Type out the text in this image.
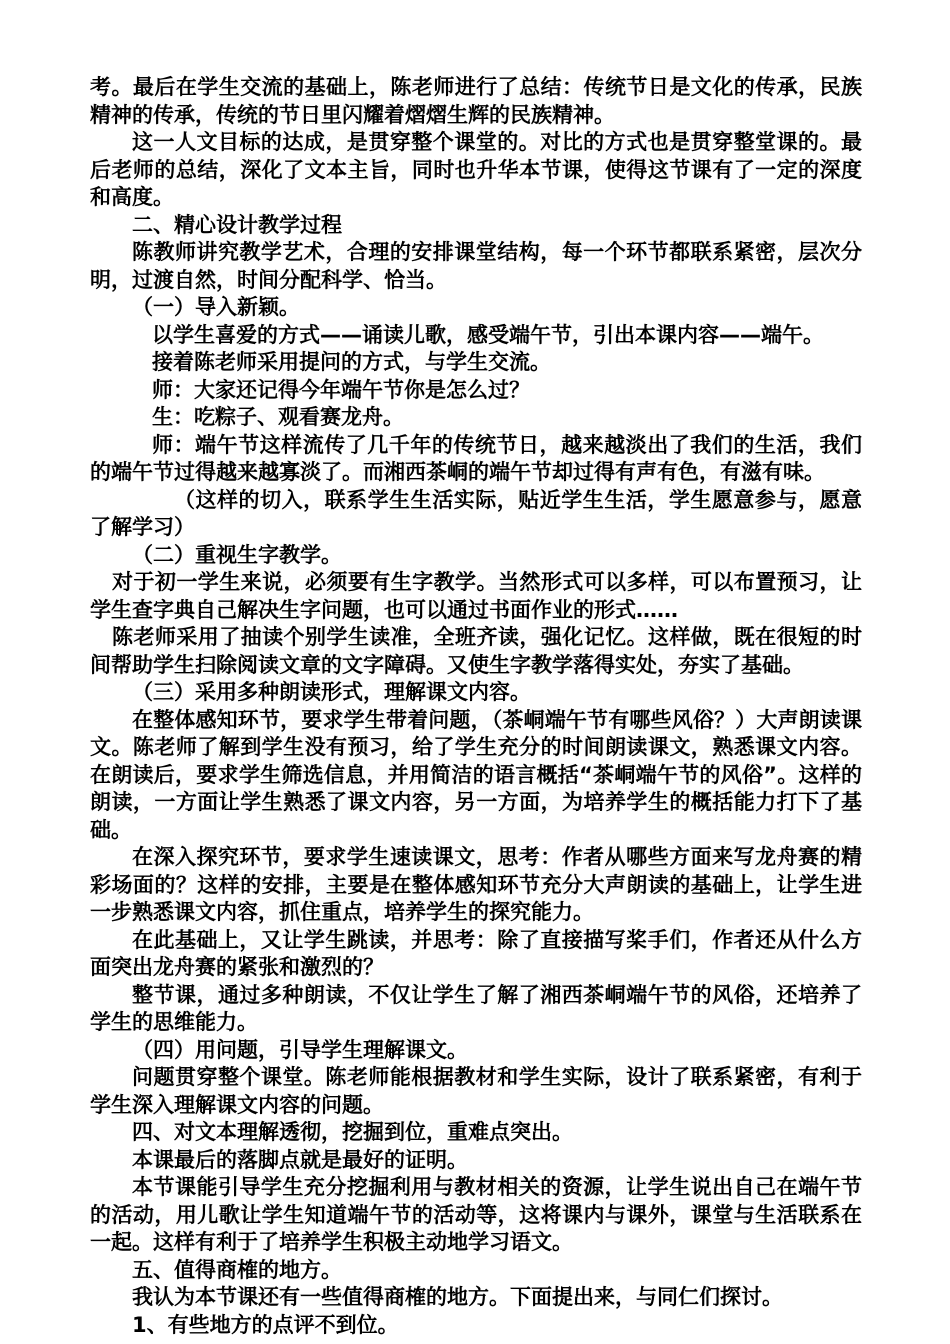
考。最后在学生交流的基础上，陈老师进行了总结：传统节日是文化的传承，民族精神的传承，传统的节日里闪耀着熠熠生辉的民族精神。

这一人文目标的达成，是贯穿整个课堂的。对比的方式也是贯穿整堂课的。最后老师的总结，深化了文本主旨，同时也升华本节课，使得这节课有了一定的深度和高度。

二、精心设计教学过程

陈教师讲究教学艺术，合理的安排课堂结构，每一个环节都联系紧密，层次分明，过渡自然，时间分配科学、恰当。

（一）导入新颖。

以学生喜爱的方式——诵读儿歌，感受端午节，引出本课内容——端午。

接着陈老师采用提问的方式，与学生交流。

师：大家还记得今年端午节你是怎么过？

生：吃粽子、观看赛龙舟。

师：端午节这样流传了几千年的传统节日，越来越淡出了我们的生活，我们的端午节过得越来越寡淡了。而湘西茶峒的端午节却过得有声有色，有滋有味。

（这样的切入，联系学生生活实际，贴近学生生活，学生愿意参与，愿意了解学习）

（二）重视生字教学。

对于初一学生来说，必须要有生字教学。当然形式可以多样，可以布置预习，让学生查字典自己解决生字问题，也可以通过书面作业的形式……

陈老师采用了抽读个别学生读准，全班齐读，强化记忆。这样做，既在很短的时间帮助学生扫除阅读文章的文字障碍。又使生字教学落得实处，夯实了基础。

（三）采用多种朗读形式，理解课文内容。

在整体感知环节，要求学生带着问题，（茶峒端午节有哪些风俗？）大声朗读课文。陈老师了解到学生没有预习，给了学生充分的时间朗读课文，熟悉课文内容。在朗读后，要求学生筛选信息，并用简洁的语言概括“茶峒端午节的风俗”。这样的朗读，一方面让学生熟悉了课文内容，另一方面，为培养学生的概括能力打下了基础。

在深入探究环节，要求学生速读课文，思考：作者从哪些方面来写龙舟赛的精彩场面的？这样的安排，主要是在整体感知环节充分大声朗读的基础上，让学生进一步熟悉课文内容，抓住重点，培养学生的探究能力。

在此基础上，又让学生跳读，并思考：除了直接描写桨手们，作者还从什么方面突出龙舟赛的紧张和激烈的？

整节课，通过多种朗读，不仅让学生了解了湘西茶峒端午节的风俗，还培养了学生的思维能力。

（四）用问题，引导学生理解课文。

问题贯穿整个课堂。陈老师能根据教材和学生实际，设计了联系紧密，有利于学生深入理解课文内容的问题。

四、对文本理解透彻，挖掘到位，重难点突出。

本课最后的落脚点就是最好的证明。

本节课能引导学生充分挖掘利用与教材相关的资源，让学生说出自己在端午节的活动，用儿歌让学生知道端午节的活动等，这将课内与课外，课堂与生活联系在一起。这样有利于了培养学生积极主动地学习语文。

五、值得商榷的地方。

我认为本节课还有一些值得商榷的地方。下面提出来，与同仁们探讨。

1、有些地方的点评不到位。
